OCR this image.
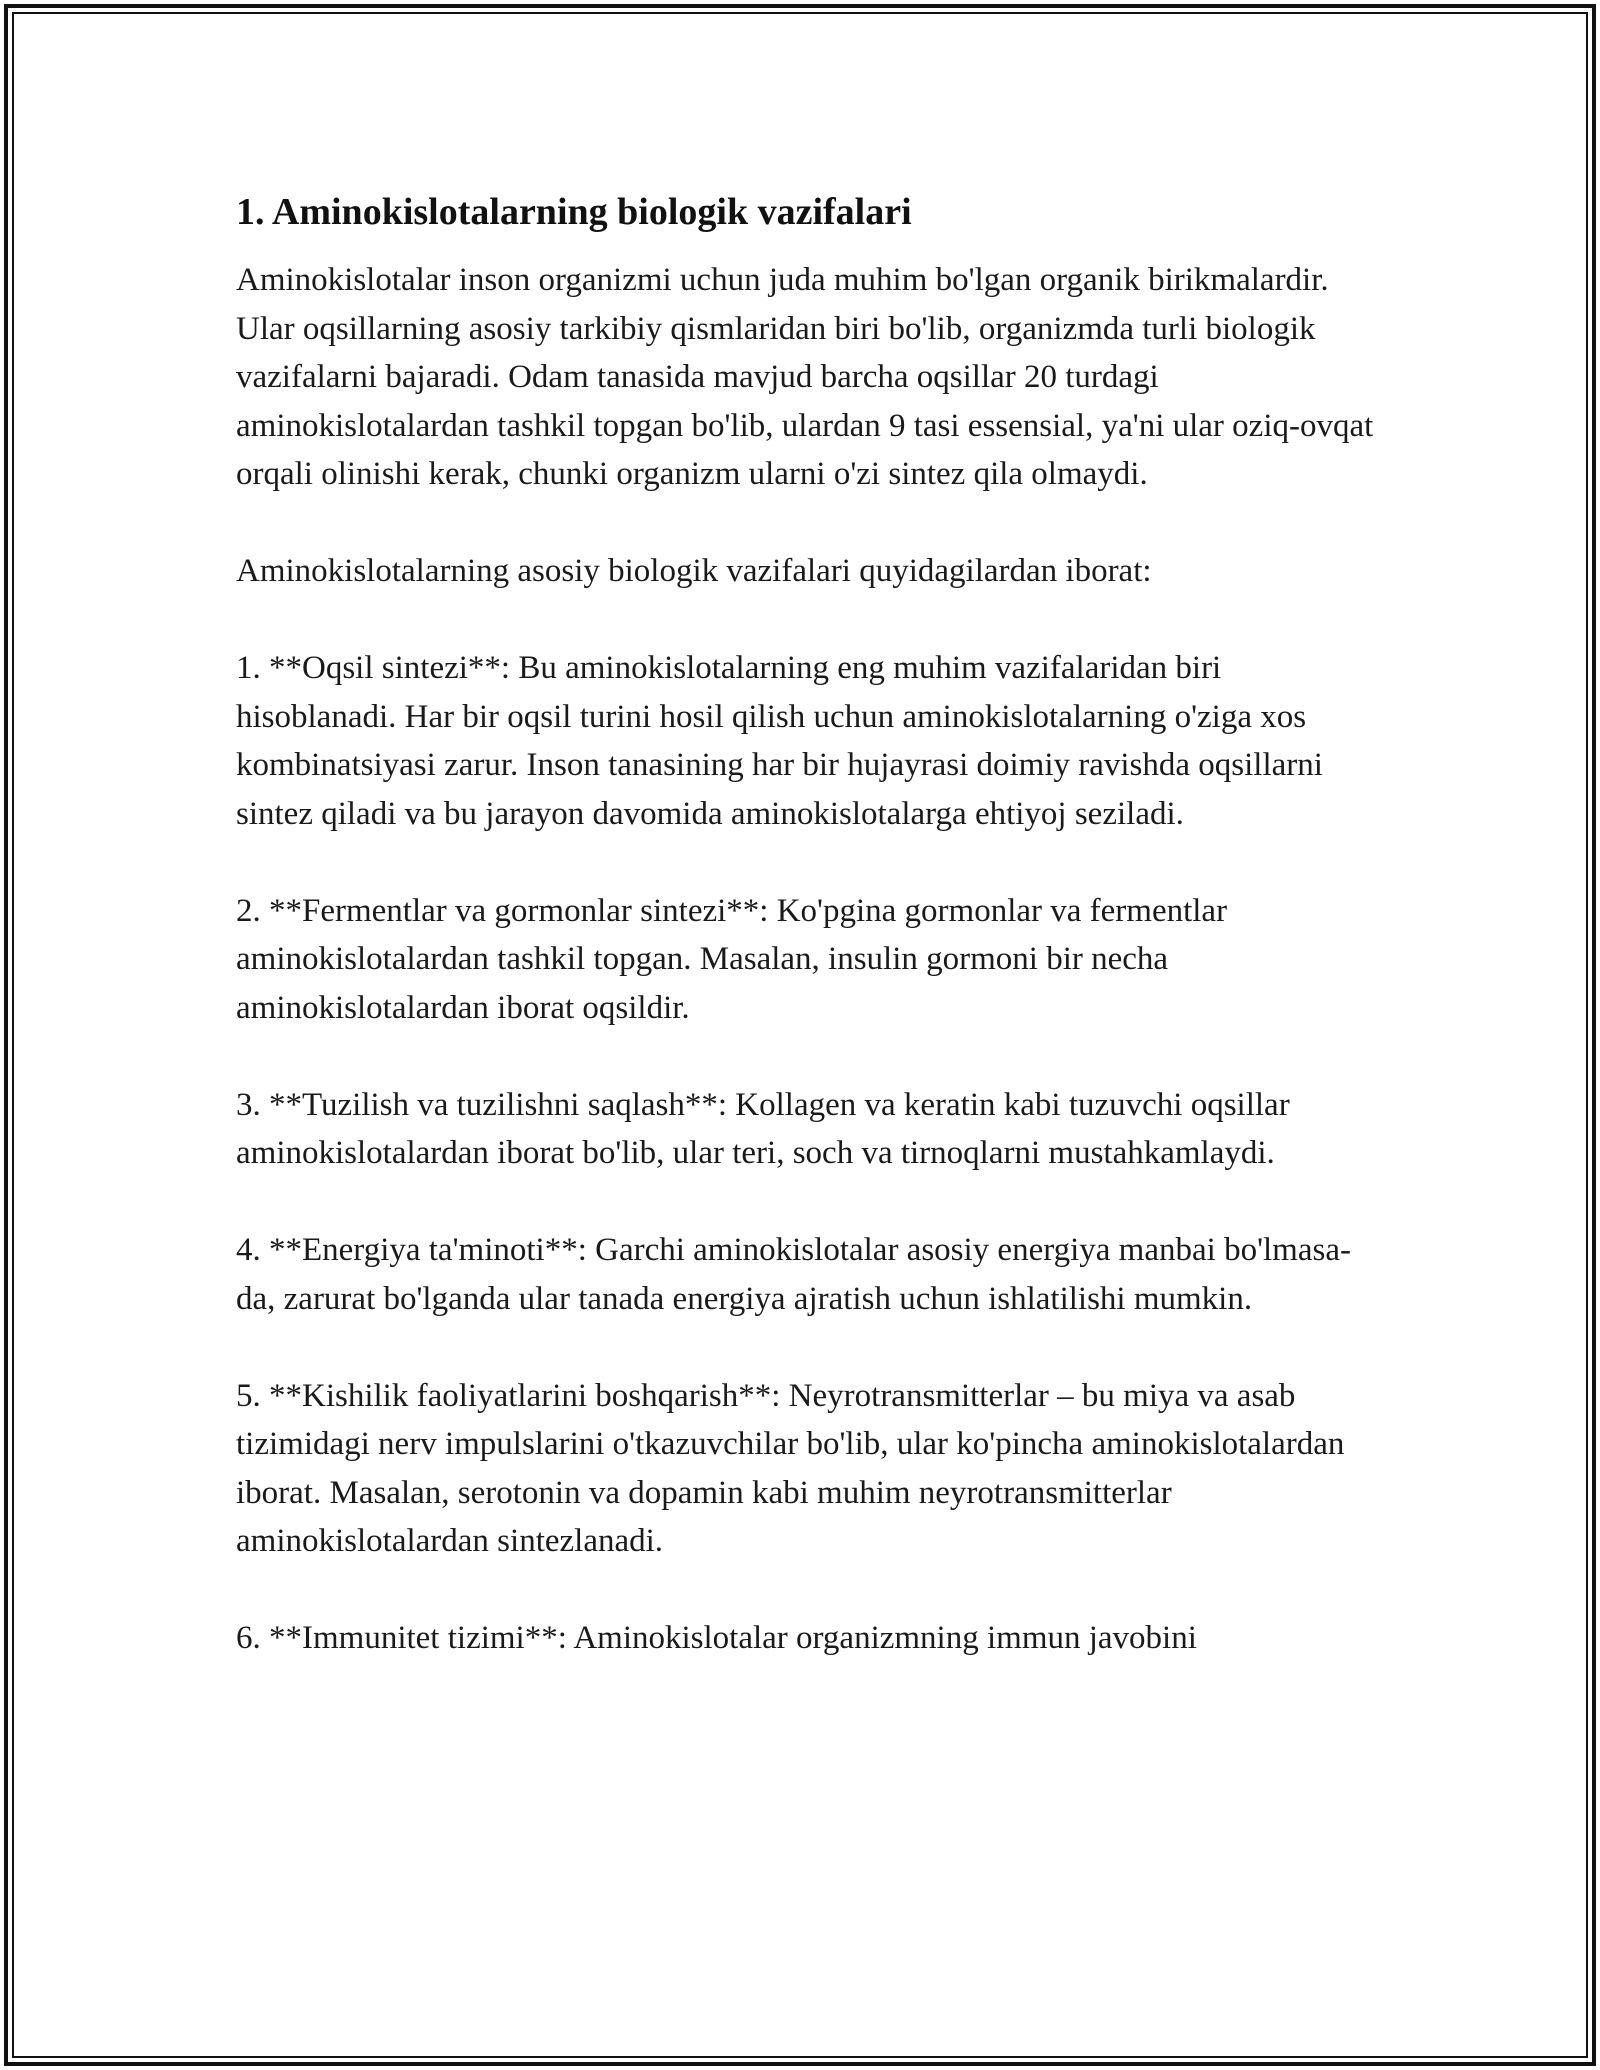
1. Aminokislotalarning biologik vazifalari

Aminokislotalar inson organizmi uchun juda muhim bo'lgan organik birikmalardir. Ular oqsillarning asosiy tarkibiy qismlaridan biri bo'lib, organizmda turli biologik vazifalarni bajaradi. Odam tanasida mavjud barcha oqsillar 20 turdagi aminokislotalardan tashkil topgan bo'lib, ulardan 9 tasi essensial, ya'ni ular oziq-ovqat orqali olinishi kerak, chunki organizm ularni o'zi sintez qila olmaydi.

Aminokislotalarning asosiy biologik vazifalari quyidagilardan iborat:

1. **Oqsil sintezi**: Bu aminokislotalarning eng muhim vazifalaridan biri hisoblanadi. Har bir oqsil turini hosil qilish uchun aminokislotalarning o'ziga xos kombinatsiyasi zarur. Inson tanasining har bir hujayrasi doimiy ravishda oqsillarni sintez qiladi va bu jarayon davomida aminokislotalarga ehtiyoj seziladi.

2. **Fermentlar va gormonlar sintezi**: Ko'pgina gormonlar va fermentlar aminokislotalardan tashkil topgan. Masalan, insulin gormoni bir necha aminokislotalardan iborat oqsildir.

3. **Tuzilish va tuzilishni saqlash**: Kollagen va keratin kabi tuzuvchi oqsillar aminokislotalardan iborat bo'lib, ular teri, soch va tirnoqlarni mustahkamlaydi.

4. **Energiya ta'minoti**: Garchi aminokislotalar asosiy energiya manbai bo'lmasa-da, zarurat bo'lganda ular tanada energiya ajratish uchun ishlatilishi mumkin.

5. **Kishilik faoliyatlarini boshqarish**: Neyrotransmitterlar – bu miya va asab tizimidagi nerv impulslarini o'tkazuvchilar bo'lib, ular ko'pincha aminokislotalardan iborat. Masalan, serotonin va dopamin kabi muhim neyrotransmitterlar aminokislotalardan sintezlanadi.

6. **Immunitet tizimi**: Aminokislotalar organizmning immun javobini
